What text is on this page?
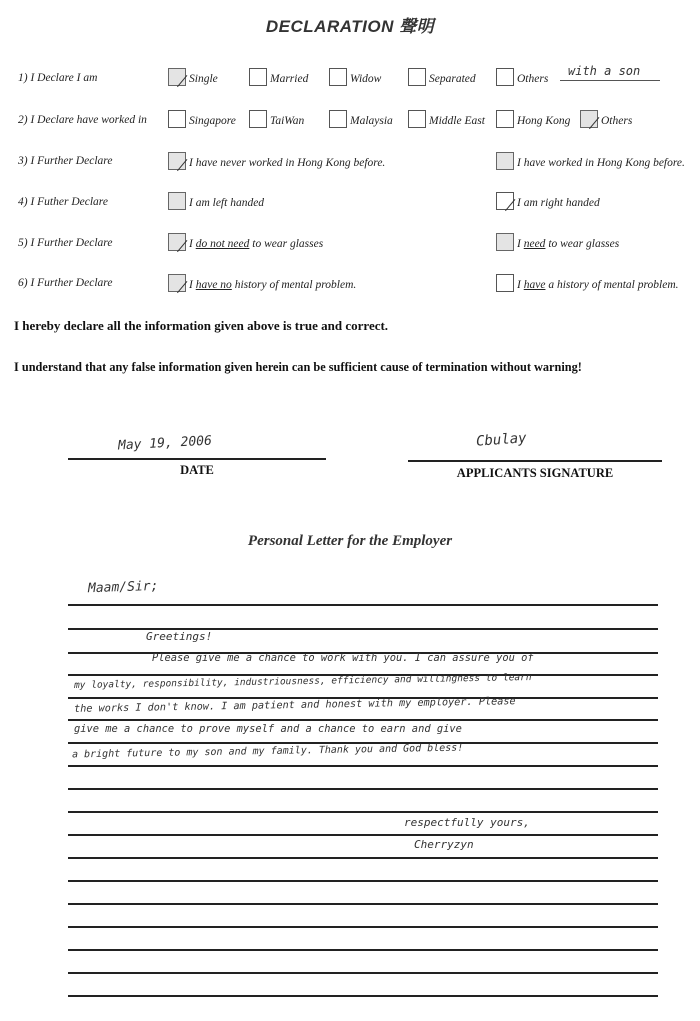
DECLARATION 聲明
1) I Declare I am	Single	Married	Widow	Separated	Others
with a son
2) I Declare have worked in	Singapore	TaiWan	Malaysia	Middle East	Hong Kong	Others
3) I Further Declare	I have never worked in Hong Kong before.	I have worked in Hong Kong before.
4) I Futher Declare	I am left handed	I am right handed
5) I Further Declare	I do not need to wear glasses	I need to wear glasses
6) I Further Declare	I have no history of mental problem.	I have a history of mental problem.
I hereby declare all the information given above is true and correct.
I understand that any false information given herein can be sufficient cause of termination without warning!
May 19, 2006
DATE
Cbulay
APPLICANTS SIGNATURE
Personal Letter for the Employer
Maam/Sir;
Greetings!
Please give me a chance to work with you. I can assure you of
my loyalty, responsibility, industriousness, efficiency and willingness to learn
the works I don't know. I am patient and honest with my employer. Please
give me a chance to prove myself and a chance to earn and give
a bright future to my son and my family. Thank you and God bless!
respectfully yours,
Cherryzyn
